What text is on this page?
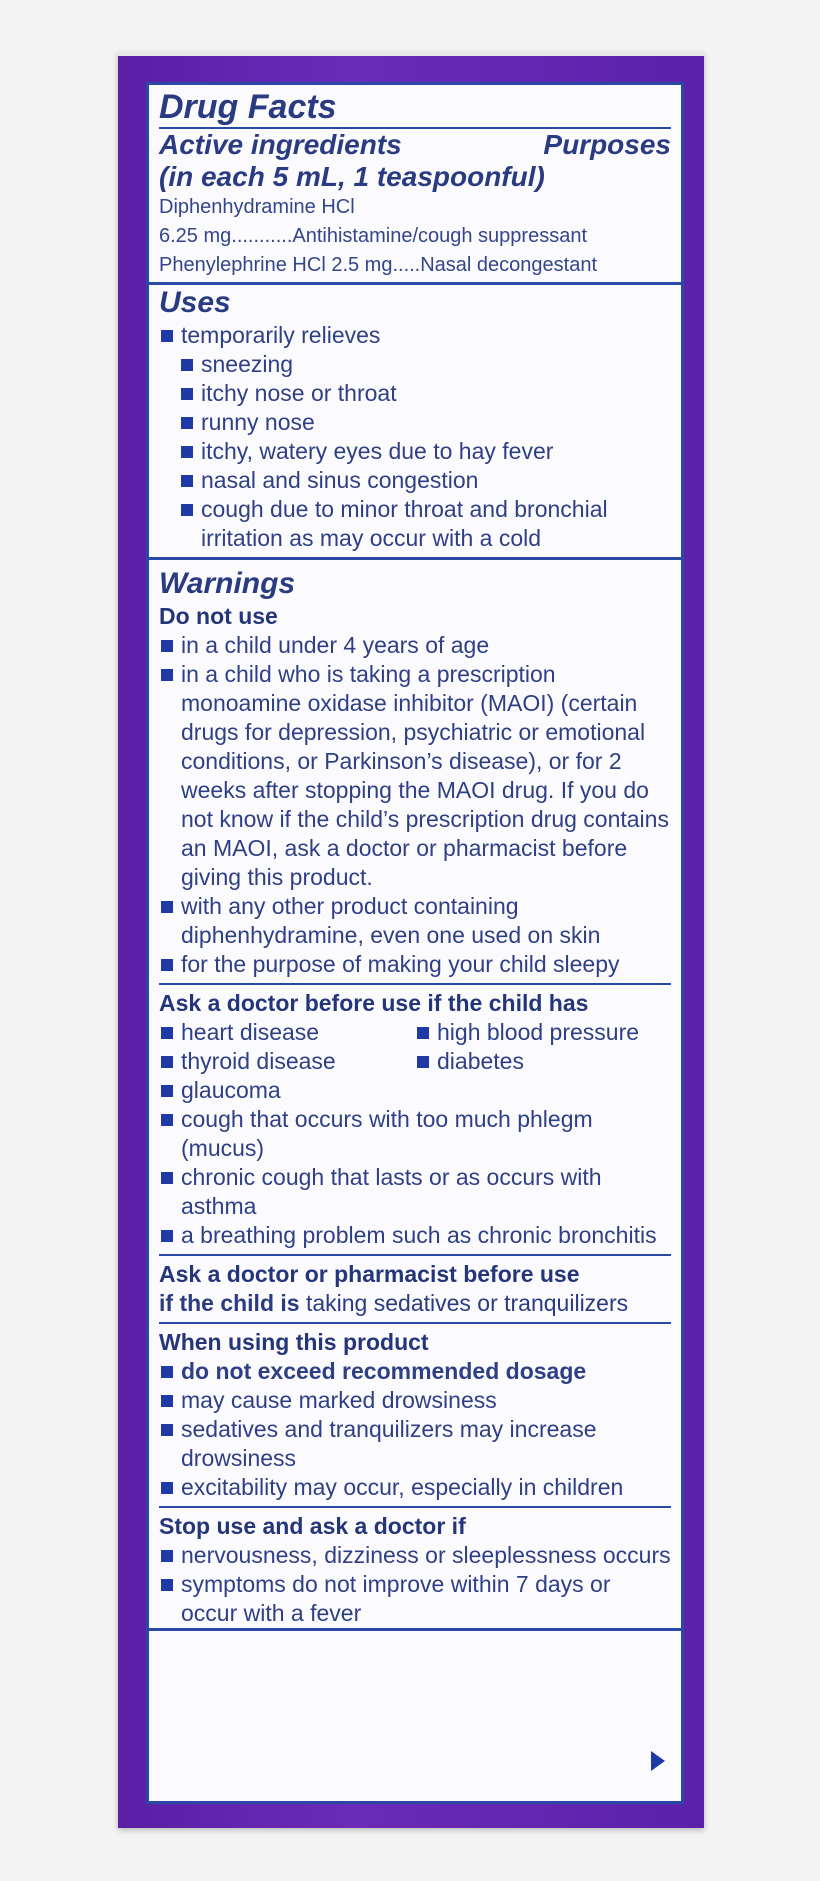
Drug Facts
Active ingredients	Purposes
(in each 5 mL, 1 teaspoonful)
Diphenhydramine HCl
6.25 mg...........Antihistamine/cough suppressant
Phenylephrine HCl 2.5 mg.....Nasal decongestant
Uses
temporarily relieves
sneezing
itchy nose or throat
runny nose
itchy, watery eyes due to hay fever
nasal and sinus congestion
cough due to minor throat and bronchial irritation as may occur with a cold
Warnings
Do not use
in a child under 4 years of age
in a child who is taking a prescription monoamine oxidase inhibitor (MAOI) (certain drugs for depression, psychiatric or emotional conditions, or Parkinson’s disease), or for 2 weeks after stopping the MAOI drug. If you do not know if the child’s prescription drug contains an MAOI, ask a doctor or pharmacist before giving this product.
with any other product containing diphenhydramine, even one used on skin
for the purpose of making your child sleepy
Ask a doctor before use if the child has
heart disease
thyroid disease
high blood pressure
diabetes
glaucoma
cough that occurs with too much phlegm (mucus)
chronic cough that lasts or as occurs with asthma
a breathing problem such as chronic bronchitis
Ask a doctor or pharmacist before use
if the child is taking sedatives or tranquilizers
When using this product
do not exceed recommended dosage
may cause marked drowsiness
sedatives and tranquilizers may increase drowsiness
excitability may occur, especially in children
Stop use and ask a doctor if
nervousness, dizziness or sleeplessness occurs
symptoms do not improve within 7 days or occur with a fever
